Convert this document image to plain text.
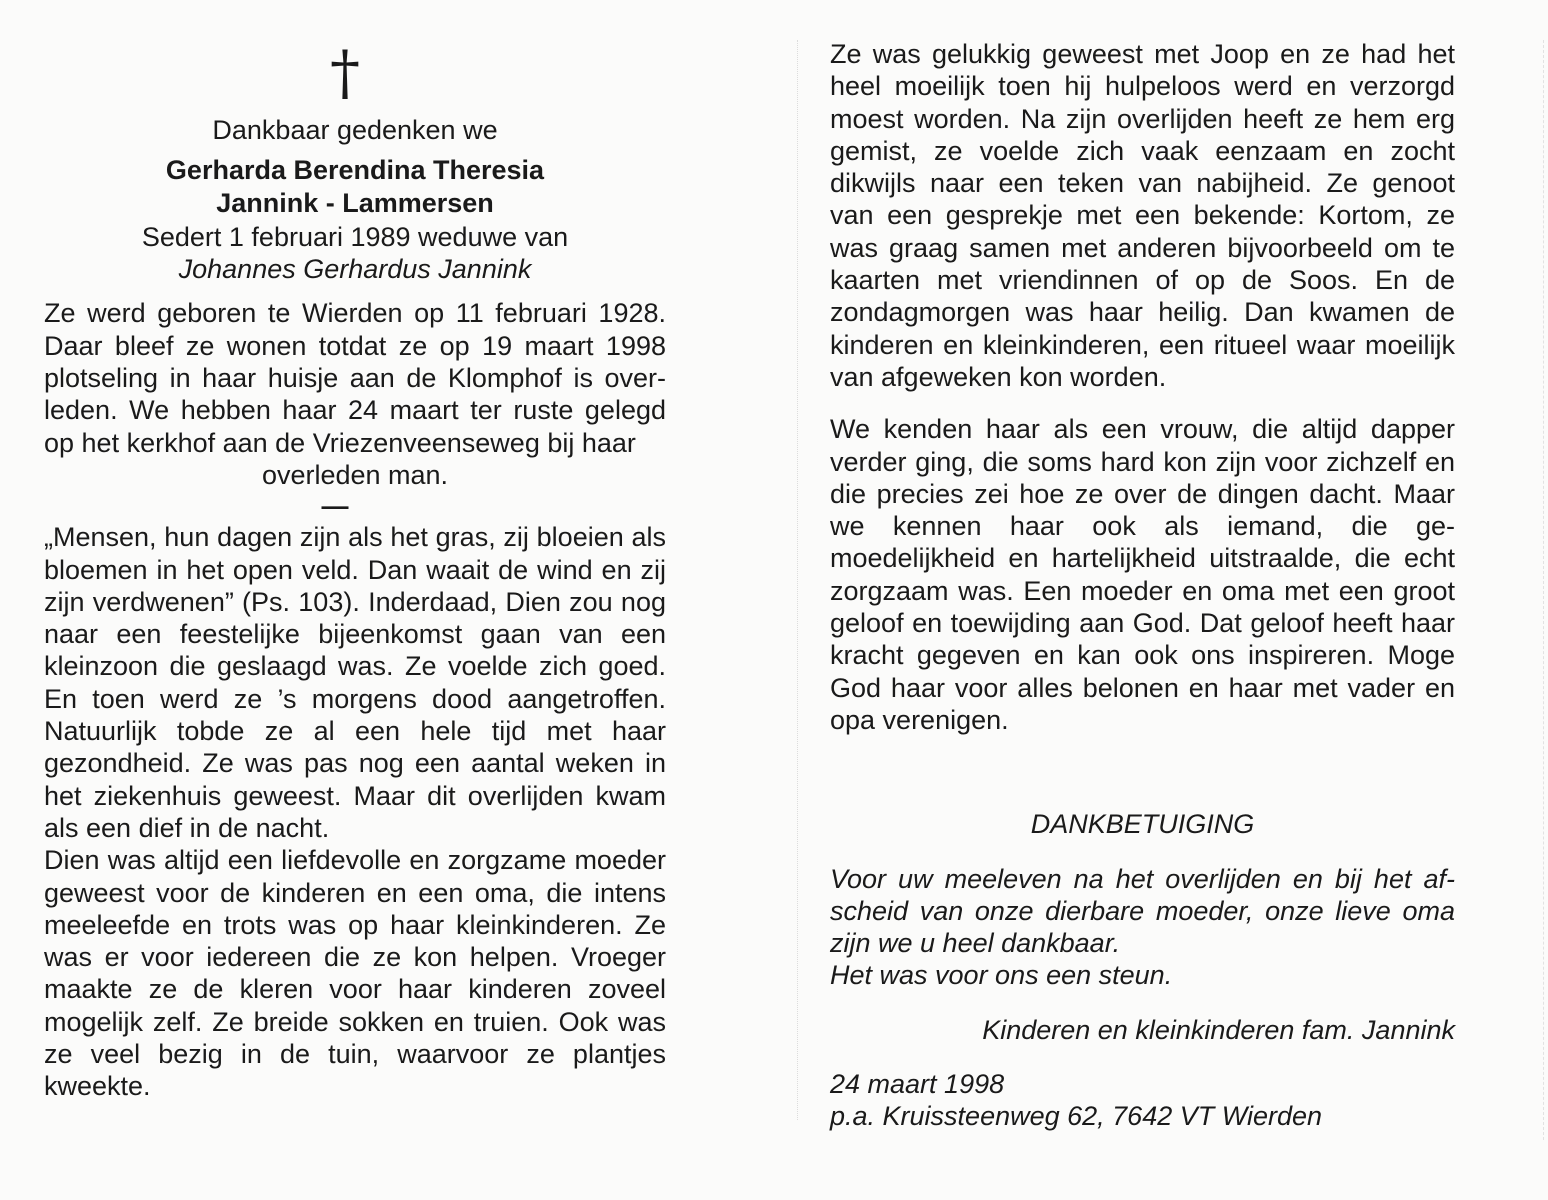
†
Dankbaar gedenken we
Gerharda Berendina Theresia
Jannink - Lammersen
Sedert 1 februari 1989 weduwe van
Johannes Gerhardus Jannink

Ze werd geboren te Wierden op 11 februari 1928. Daar bleef ze wonen totdat ze op 19 maart 1998 plotseling in haar huisje aan de Klomphof is overleden. We hebben haar 24 maart ter ruste gelegd op het kerkhof aan de Vriezenveenseweg bij haar

overleden man.
—

„Mensen, hun dagen zijn als het gras, zij bloeien als bloemen in het open veld. Dan waait de wind en zij zijn verdwenen” (Ps. 103). Inderdaad, Dien zou nog naar een feestelijke bijeenkomst gaan van een kleinzoon die geslaagd was. Ze voelde zich goed. En toen werd ze ’s morgens dood aangetroffen. Natuurlijk tobde ze al een hele tijd met haar gezondheid. Ze was pas nog een aantal weken in het ziekenhuis geweest. Maar dit overlijden kwam als een dief in de nacht.

Dien was altijd een liefdevolle en zorgzame moeder geweest voor de kinderen en een oma, die intens meeleefde en trots was op haar kleinkinderen. Ze was er voor iedereen die ze kon helpen. Vroeger maakte ze de kleren voor haar kinderen zoveel mogelijk zelf. Ze breide sokken en truien. Ook was ze veel bezig in de tuin, waarvoor ze plantjes kweekte.

Ze was gelukkig geweest met Joop en ze had het heel moeilijk toen hij hulpeloos werd en verzorgd moest worden. Na zijn overlijden heeft ze hem erg gemist, ze voelde zich vaak eenzaam en zocht dikwijls naar een teken van nabijheid. Ze genoot van een gesprekje met een bekende: Kortom, ze was graag samen met anderen bijvoorbeeld om te kaarten met vriendinnen of op de Soos. En de zondagmorgen was haar heilig. Dan kwamen de kinderen en kleinkinderen, een ritueel waar moeilijk van afgeweken kon worden.

We kenden haar als een vrouw, die altijd dapper verder ging, die soms hard kon zijn voor zichzelf en die precies zei hoe ze over de dingen dacht. Maar we kennen haar ook als iemand, die gemoedelijkheid en hartelijkheid uitstraalde, die echt zorgzaam was. Een moeder en oma met een groot geloof en toewijding aan God. Dat geloof heeft haar kracht gegeven en kan ook ons inspireren. Moge God haar voor alles belonen en haar met vader en opa verenigen.

DANKBETUIGING

Voor uw meeleven na het overlijden en bij het afscheid van onze dierbare moeder, onze lieve oma zijn we u heel dankbaar.

Het was voor ons een steun.
Kinderen en kleinkinderen fam. Jannink
24 maart 1998
p.a. Kruissteenweg 62, 7642 VT Wierden
